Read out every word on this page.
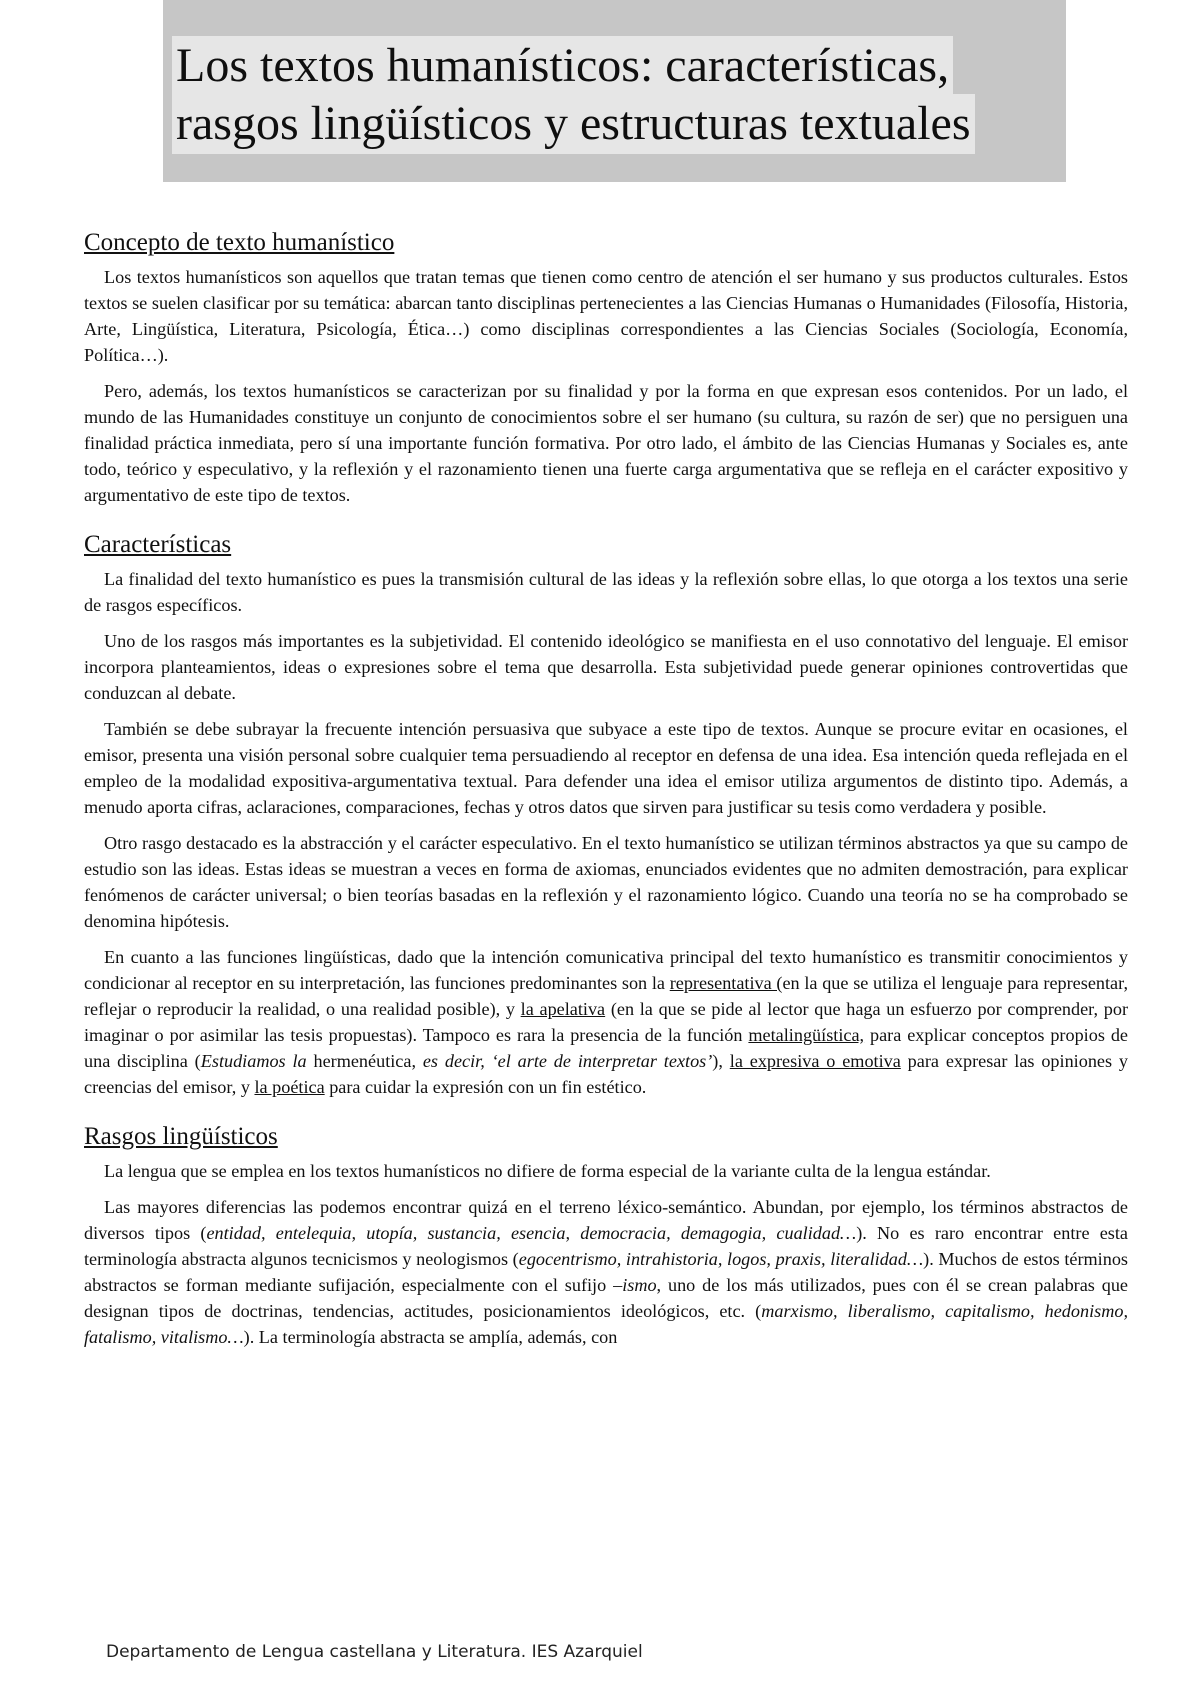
Los textos humanísticos: características,
rasgos lingüísticos y estructuras textuales
Concepto de texto humanístico

Los textos humanísticos son aquellos que tratan temas que tienen como centro de atención el ser humano y sus productos culturales. Estos textos se suelen clasificar por su temática: abarcan tanto disciplinas pertenecientes a las Ciencias Humanas o Humanidades (Filosofía, Historia, Arte, Lingüística, Literatura, Psicología, Ética…) como disciplinas correspondientes a las Ciencias Sociales (Sociología, Economía, Política…).

Pero, además, los textos humanísticos se caracterizan por su finalidad y por la forma en que expresan esos contenidos. Por un lado, el mundo de las Humanidades constituye un conjunto de conocimientos sobre el ser humano (su cultura, su razón de ser) que no persiguen una finalidad práctica inmediata, pero sí una importante función formativa. Por otro lado, el ámbito de las Ciencias Humanas y Sociales es, ante todo, teórico y especulativo, y la reflexión y el razonamiento tienen una fuerte carga argumentativa que se refleja en el carácter expositivo y argumentativo de este tipo de textos.

Características

La finalidad del texto humanístico es pues la transmisión cultural de las ideas y la reflexión sobre ellas, lo que otorga a los textos una serie de rasgos específicos.

Uno de los rasgos más importantes es la subjetividad. El contenido ideológico se manifiesta en el uso connotativo del lenguaje. El emisor incorpora planteamientos, ideas o expresiones sobre el tema que desarrolla. Esta subjetividad puede generar opiniones controvertidas que conduzcan al debate.

También se debe subrayar la frecuente intención persuasiva que subyace a este tipo de textos. Aunque se procure evitar en ocasiones, el emisor, presenta una visión personal sobre cualquier tema persuadiendo al receptor en defensa de una idea. Esa intención queda reflejada en el empleo de la modalidad expositiva-argumentativa textual. Para defender una idea el emisor utiliza argumentos de distinto tipo. Además, a menudo aporta cifras, aclaraciones, comparaciones, fechas y otros datos que sirven para justificar su tesis como verdadera y posible.

Otro rasgo destacado es la abstracción y el carácter especulativo. En el texto humanístico se utilizan términos abstractos ya que su campo de estudio son las ideas. Estas ideas se muestran a veces en forma de axiomas, enunciados evidentes que no admiten demostración, para explicar fenómenos de carácter universal; o bien teorías basadas en la reflexión y el razonamiento lógico. Cuando una teoría no se ha comprobado se denomina hipótesis.

En cuanto a las funciones lingüísticas, dado que la intención comunicativa principal del texto humanístico es transmitir conocimientos y condicionar al receptor en su interpretación, las funciones predominantes son la representativa (en la que se utiliza el lenguaje para representar, reflejar o reproducir la realidad, o una realidad posible), y la apelativa (en la que se pide al lector que haga un esfuerzo por comprender, por imaginar o por asimilar las tesis propuestas). Tampoco es rara la presencia de la función metalingüística, para explicar conceptos propios de una disciplina (Estudiamos la hermenéutica, es decir, ‘el arte de interpretar textos’), la expresiva o emotiva para expresar las opiniones y creencias del emisor, y la poética para cuidar la expresión con un fin estético.

Rasgos lingüísticos

La lengua que se emplea en los textos humanísticos no difiere de forma especial de la variante culta de la lengua estándar.

Las mayores diferencias las podemos encontrar quizá en el terreno léxico-semántico. Abundan, por ejemplo, los términos abstractos de diversos tipos (entidad, entelequia, utopía, sustancia, esencia, democracia, demagogia, cualidad…). No es raro encontrar entre esta terminología abstracta algunos tecnicismos y neologismos (egocentrismo, intrahistoria, logos, praxis, literalidad…). Muchos de estos términos abstractos se forman mediante sufijación, especialmente con el sufijo –ismo, uno de los más utilizados, pues con él se crean palabras que designan tipos de doctrinas, tendencias, actitudes, posicionamientos ideológicos, etc. (marxismo, liberalismo, capitalismo, hedonismo, fatalismo, vitalismo…). La terminología abstracta se amplía, además, con

Departamento de Lengua castellana y Literatura. IES Azarquiel
